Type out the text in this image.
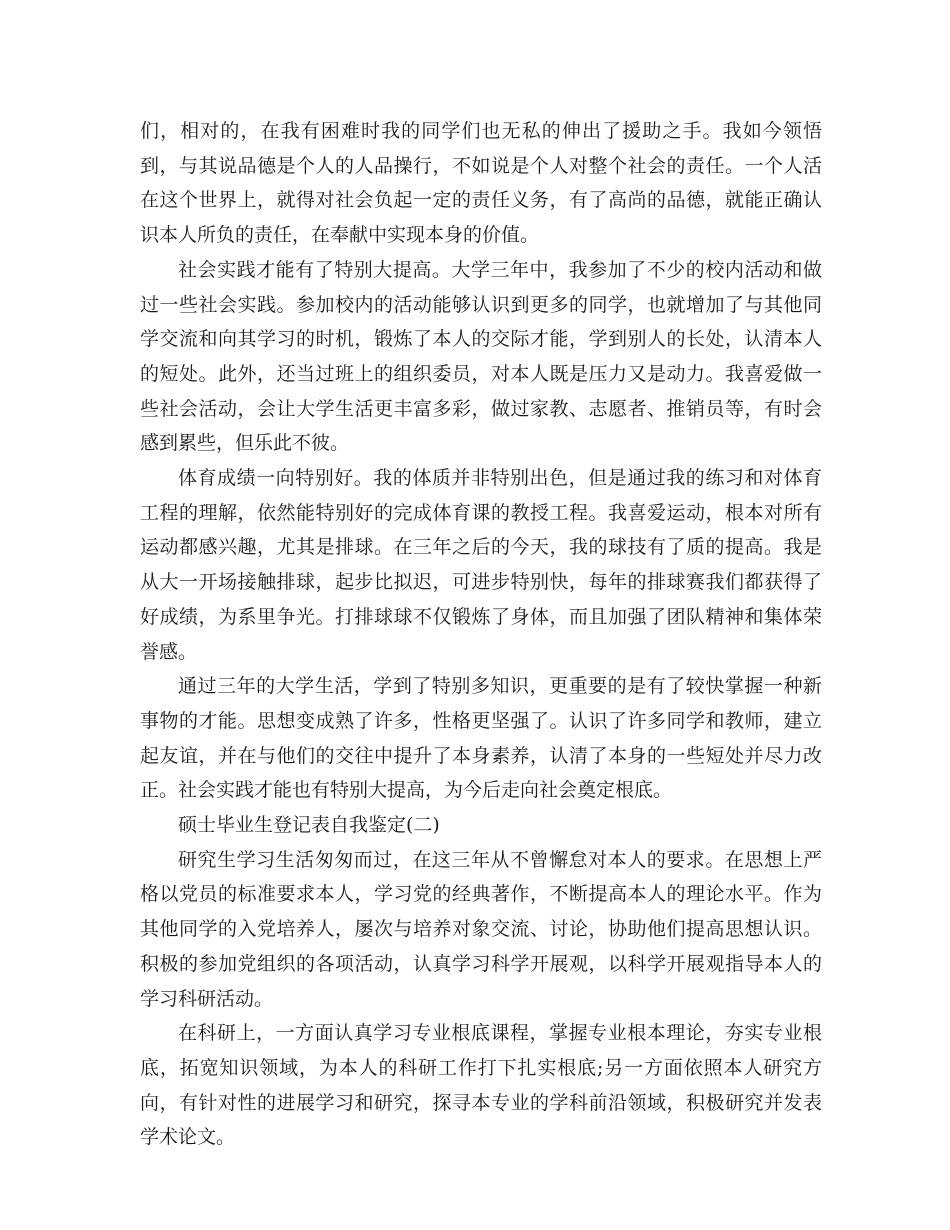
们，相对的，在我有困难时我的同学们也无私的伸出了援助之手。我如今领悟到，与其说品德是个人的人品操行，不如说是个人对整个社会的责任。一个人活在这个世界上，就得对社会负起一定的责任义务，有了高尚的品德，就能正确认识本人所负的责任，在奉献中实现本身的价值。

社会实践才能有了特别大提高。大学三年中，我参加了不少的校内活动和做过一些社会实践。参加校内的活动能够认识到更多的同学，也就增加了与其他同学交流和向其学习的时机，锻炼了本人的交际才能，学到别人的长处，认清本人的短处。此外，还当过班上的组织委员，对本人既是压力又是动力。我喜爱做一些社会活动，会让大学生活更丰富多彩，做过家教、志愿者、推销员等，有时会感到累些，但乐此不彼。

体育成绩一向特别好。我的体质并非特别出色，但是通过我的练习和对体育工程的理解，依然能特别好的完成体育课的教授工程。我喜爱运动，根本对所有运动都感兴趣，尤其是排球。在三年之后的今天，我的球技有了质的提高。我是从大一开场接触排球，起步比拟迟，可进步特别快，每年的排球赛我们都获得了好成绩，为系里争光。打排球球不仅锻炼了身体，而且加强了团队精神和集体荣誉感。

通过三年的大学生活，学到了特别多知识，更重要的是有了较快掌握一种新事物的才能。思想变成熟了许多，性格更坚强了。认识了许多同学和教师，建立起友谊，并在与他们的交往中提升了本身素养，认清了本身的一些短处并尽力改正。社会实践才能也有特别大提高，为今后走向社会奠定根底。

硕士毕业生登记表自我鉴定(二)

研究生学习生活匆匆而过，在这三年从不曾懈怠对本人的要求。在思想上严格以党员的标准要求本人，学习党的经典著作，不断提高本人的理论水平。作为其他同学的入党培养人，屡次与培养对象交流、讨论，协助他们提高思想认识。积极的参加党组织的各项活动，认真学习科学开展观，以科学开展观指导本人的学习科研活动。

在科研上，一方面认真学习专业根底课程，掌握专业根本理论，夯实专业根底，拓宽知识领域，为本人的科研工作打下扎实根底;另一方面依照本人研究方向，有针对性的进展学习和研究，探寻本专业的学科前沿领域，积极研究并发表学术论文。
